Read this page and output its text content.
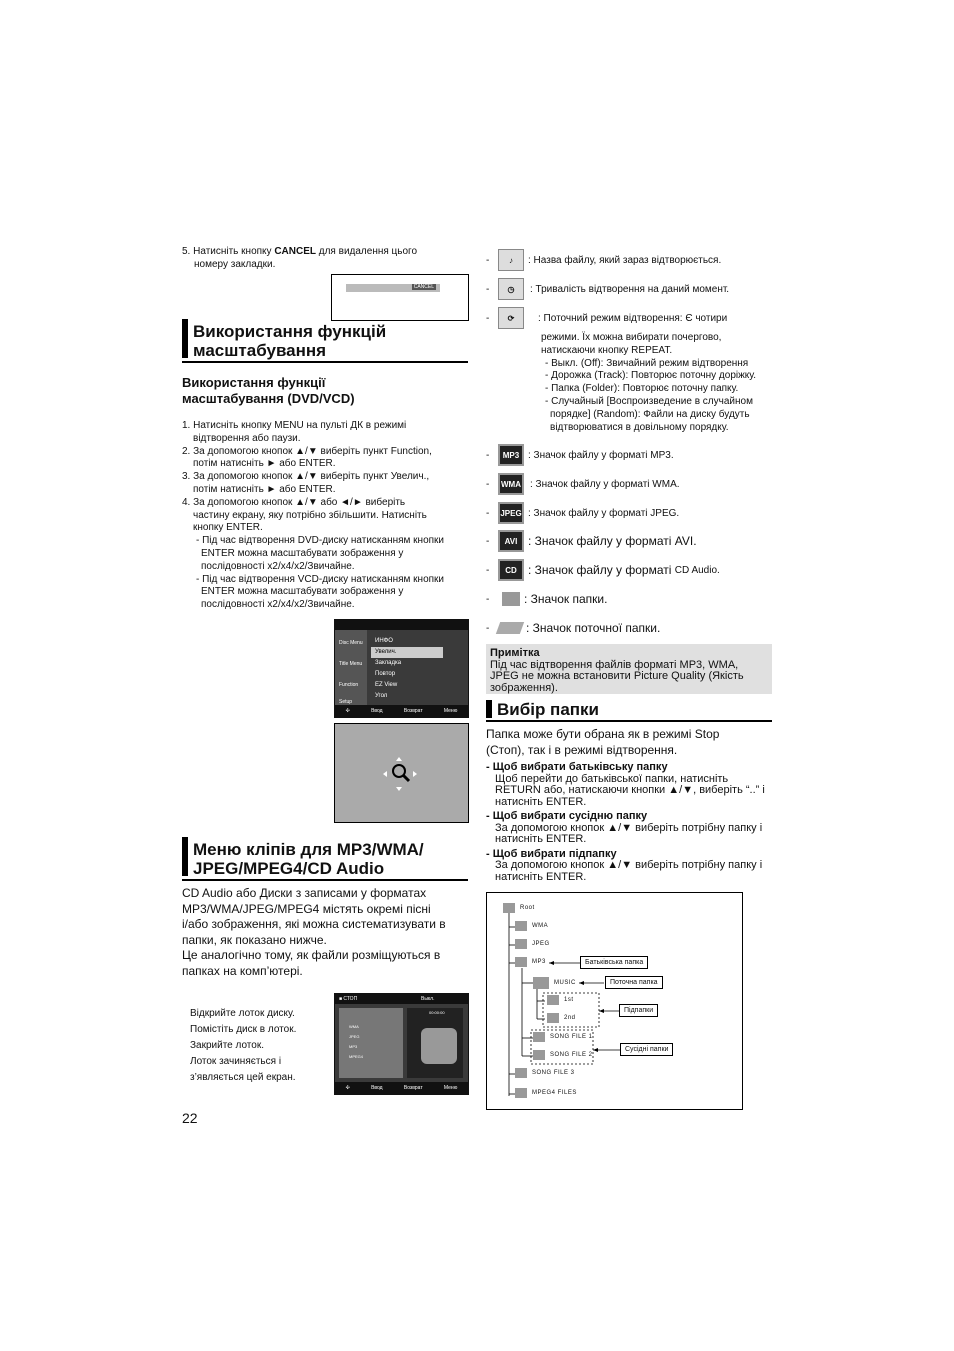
5. Натисніть кнопку CANCEL для видалення цього
номеру закладки.
CANCEL
Використання функцій
масштабування
Використання функції
масштабування (DVD/VCD)
1. Натисніть кнопку MENU на пульті ДК в режимі
відтворення або паузи.
2. За допомогою кнопок ▲/▼ виберіть пункт Function,
потім натисніть ► або ENTER.
3. За допомогою кнопок ▲/▼ виберіть пункт Увелич.,
потім натисніть ► або ENTER.
4. За допомогою кнопок ▲/▼ або ◄/► виберіть
частину екрану, яку потрібно збільшити. Натисніть
кнопку ENTER.
- Під час відтворення DVD-диску натисканням кнопки
ENTER можна масштабувати зображення у
послідовності x2/x4/x2/Звичайне.
- Під час відтворення VCD-диску натисканням кнопки
ENTER можна масштабувати зображення у
послідовності x2/x4/x2/Звичайне.
Disc Menu
Title Menu
Function
Setup
ИНФО
Увелич.
Закладка
Повтор
EZ View
Угол
✣	Ввод	Возврат	Меню
Меню кліпів для MP3/WMA/
JPEG/MPEG4/CD Audio
CD Audio або Диски з записами у форматах
MP3/WMA/JPEG/MPEG4 містять окремі пісні
і/або зображення, які можна систематизувати в
папки, як показано нижче.
Це аналогічно тому, як файли розміщуються в
папках на комп’ютері.
Відкрийте лоток диску.
Помістіть диск в лоток.
Закрийте лоток.
Лоток зачиняється і
з’являється цей екран.
■ СТОП	Выкл.
WMA
JPEG
MP3
MPEG4
00:00:00
✣	Ввод	Возврат	Меню
22
-	♪	: Назва файлу, який зараз відтворюється.
-	◷	: Тривалість відтворення на даний момент.
-	⟳	: Поточний режим відтворення: Є чотири
режими. Їх можна вибирати почергово,
натискаючи кнопку REPEAT.
- Выкл. (Off): Звичайний режим відтворення
- Дорожка (Track): Повторює поточну доріжку.
- Папка (Folder): Повторює поточну папку.
- Случайный [Воспроизведение в случайном
порядке] (Random): Файли на диску будуть
відтворюватися в довільному порядку.
-	MP3 : Значок файлу у форматі MP3.
-	WMA : Значок файлу у форматі WMA.
-	JPEG : Значок файлу у форматі JPEG.
-	AVI : Значок файлу у форматі AVI.
-	CD : Значок файлу у форматі
CD Audio.
-	: Значок папки.
-	: Значок поточної папки.
Примітка
Під час відтворення файлів форматі MP3, WMA,
JPEG не можна встановити Picture Quality (Якість
зображення).
Вибір папки
Папка може бути обрана як в режимі Stop
(Стоп), так і в режимі відтворення.
- Щоб вибрати батьківську папку
Щоб перейти до батьківської папки, натисніть
RETURN або, натискаючи кнопки ▲/▼, виберіть “..” і
натисніть ENTER.
- Щоб вибрати сусідню папку
За допомогою кнопок ▲/▼ виберіть потрібну папку і
натисніть ENTER.
- Щоб вибрати підпапку
За допомогою кнопок ▲/▼ виберіть потрібну папку і
натисніть ENTER.
Root
WMA
JPEG
MP3
MUSIC
1st
2nd
SONG FILE 1
SONG FILE 2
SONG FILE 3
MPEG4 FILES
Батьківська папка
Поточна папка
Підпапки
Сусідні папки
